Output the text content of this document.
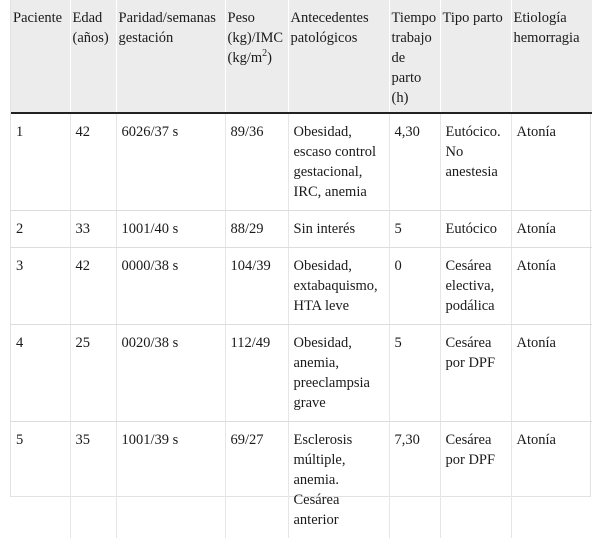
Paciente	Edad (años)	Paridad/semanas gestación	Peso (kg)/IMC $(kg/m^2)$	Antecedentes patológicos	Tiempo trabajo de parto (h)	Tipo parto	Etiología hemorragia
1	42	6026/37 s	89/36	Obesidad, escaso control gestacional, IRC, anemia	4,30	Eutócico. No anestesia	Atonía
2	33	1001/40 s	88/29	Sin interés	5	Eutócico	Atonía
3	42	0000/38 s	104/39	Obesidad, extabaquismo, HTA leve	0	Cesárea electiva, podálica	Atonía
4	25	0020/38 s	112/49	Obesidad, anemia, preeclampsia grave	5	Cesárea por DPF	Atonía
5	35	1001/39 s	69/27	Esclerosis múltiple, anemia. Cesárea anterior	7,30	Cesárea por DPF	Atonía
